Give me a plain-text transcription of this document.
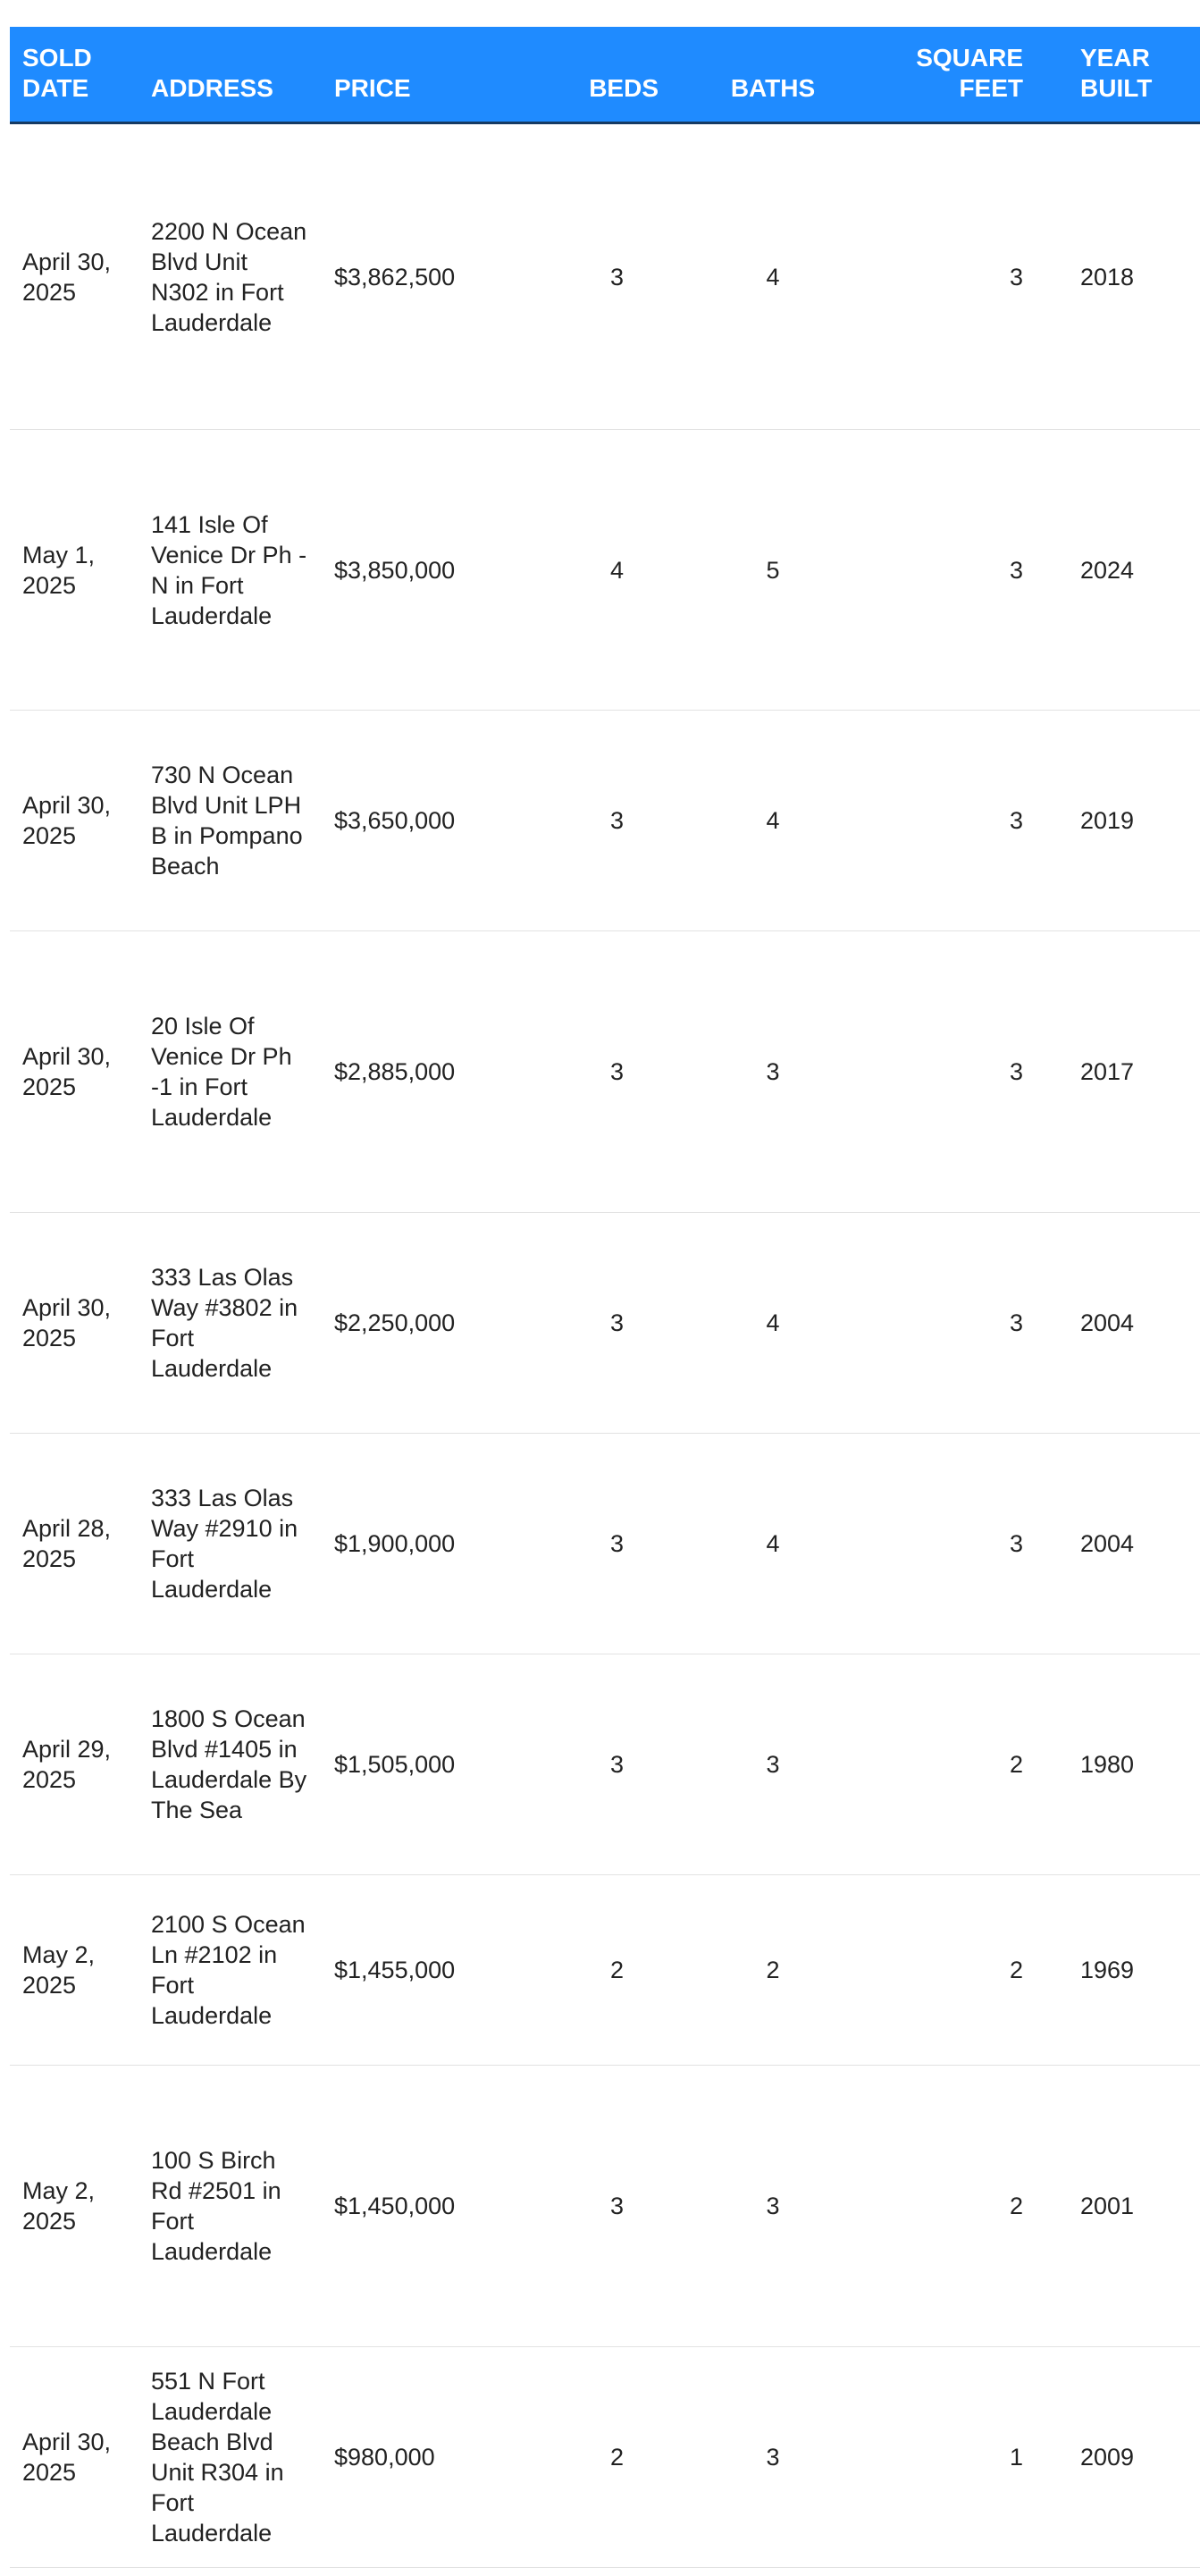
SOLD DATE	ADDRESS	PRICE	BEDS	BATHS	SQUARE FEET	YEAR BUILT
April 30, 2025	2200 N Ocean Blvd Unit N302 in Fort Lauderdale	$3,862,500	3	4	3	2018
May 1, 2025	141 Isle Of Venice Dr Ph -N in Fort Lauderdale	$3,850,000	4	5	3	2024
April 30, 2025	730 N Ocean Blvd Unit LPH B in Pompano Beach	$3,650,000	3	4	3	2019
April 30, 2025	20 Isle Of Venice Dr Ph -1 in Fort Lauderdale	$2,885,000	3	3	3	2017
April 30, 2025	333 Las Olas Way #3802 in Fort Lauderdale	$2,250,000	3	4	3	2004
April 28, 2025	333 Las Olas Way #2910 in Fort Lauderdale	$1,900,000	3	4	3	2004
April 29, 2025	1800 S Ocean Blvd #1405 in Lauderdale By The Sea	$1,505,000	3	3	2	1980
May 2, 2025	2100 S Ocean Ln #2102 in Fort Lauderdale	$1,455,000	2	2	2	1969
May 2, 2025	100 S Birch Rd #2501 in Fort Lauderdale	$1,450,000	3	3	2	2001
April 30, 2025	551 N Fort Lauderdale Beach Blvd Unit R304 in Fort Lauderdale	$980,000	2	3	1	2009
